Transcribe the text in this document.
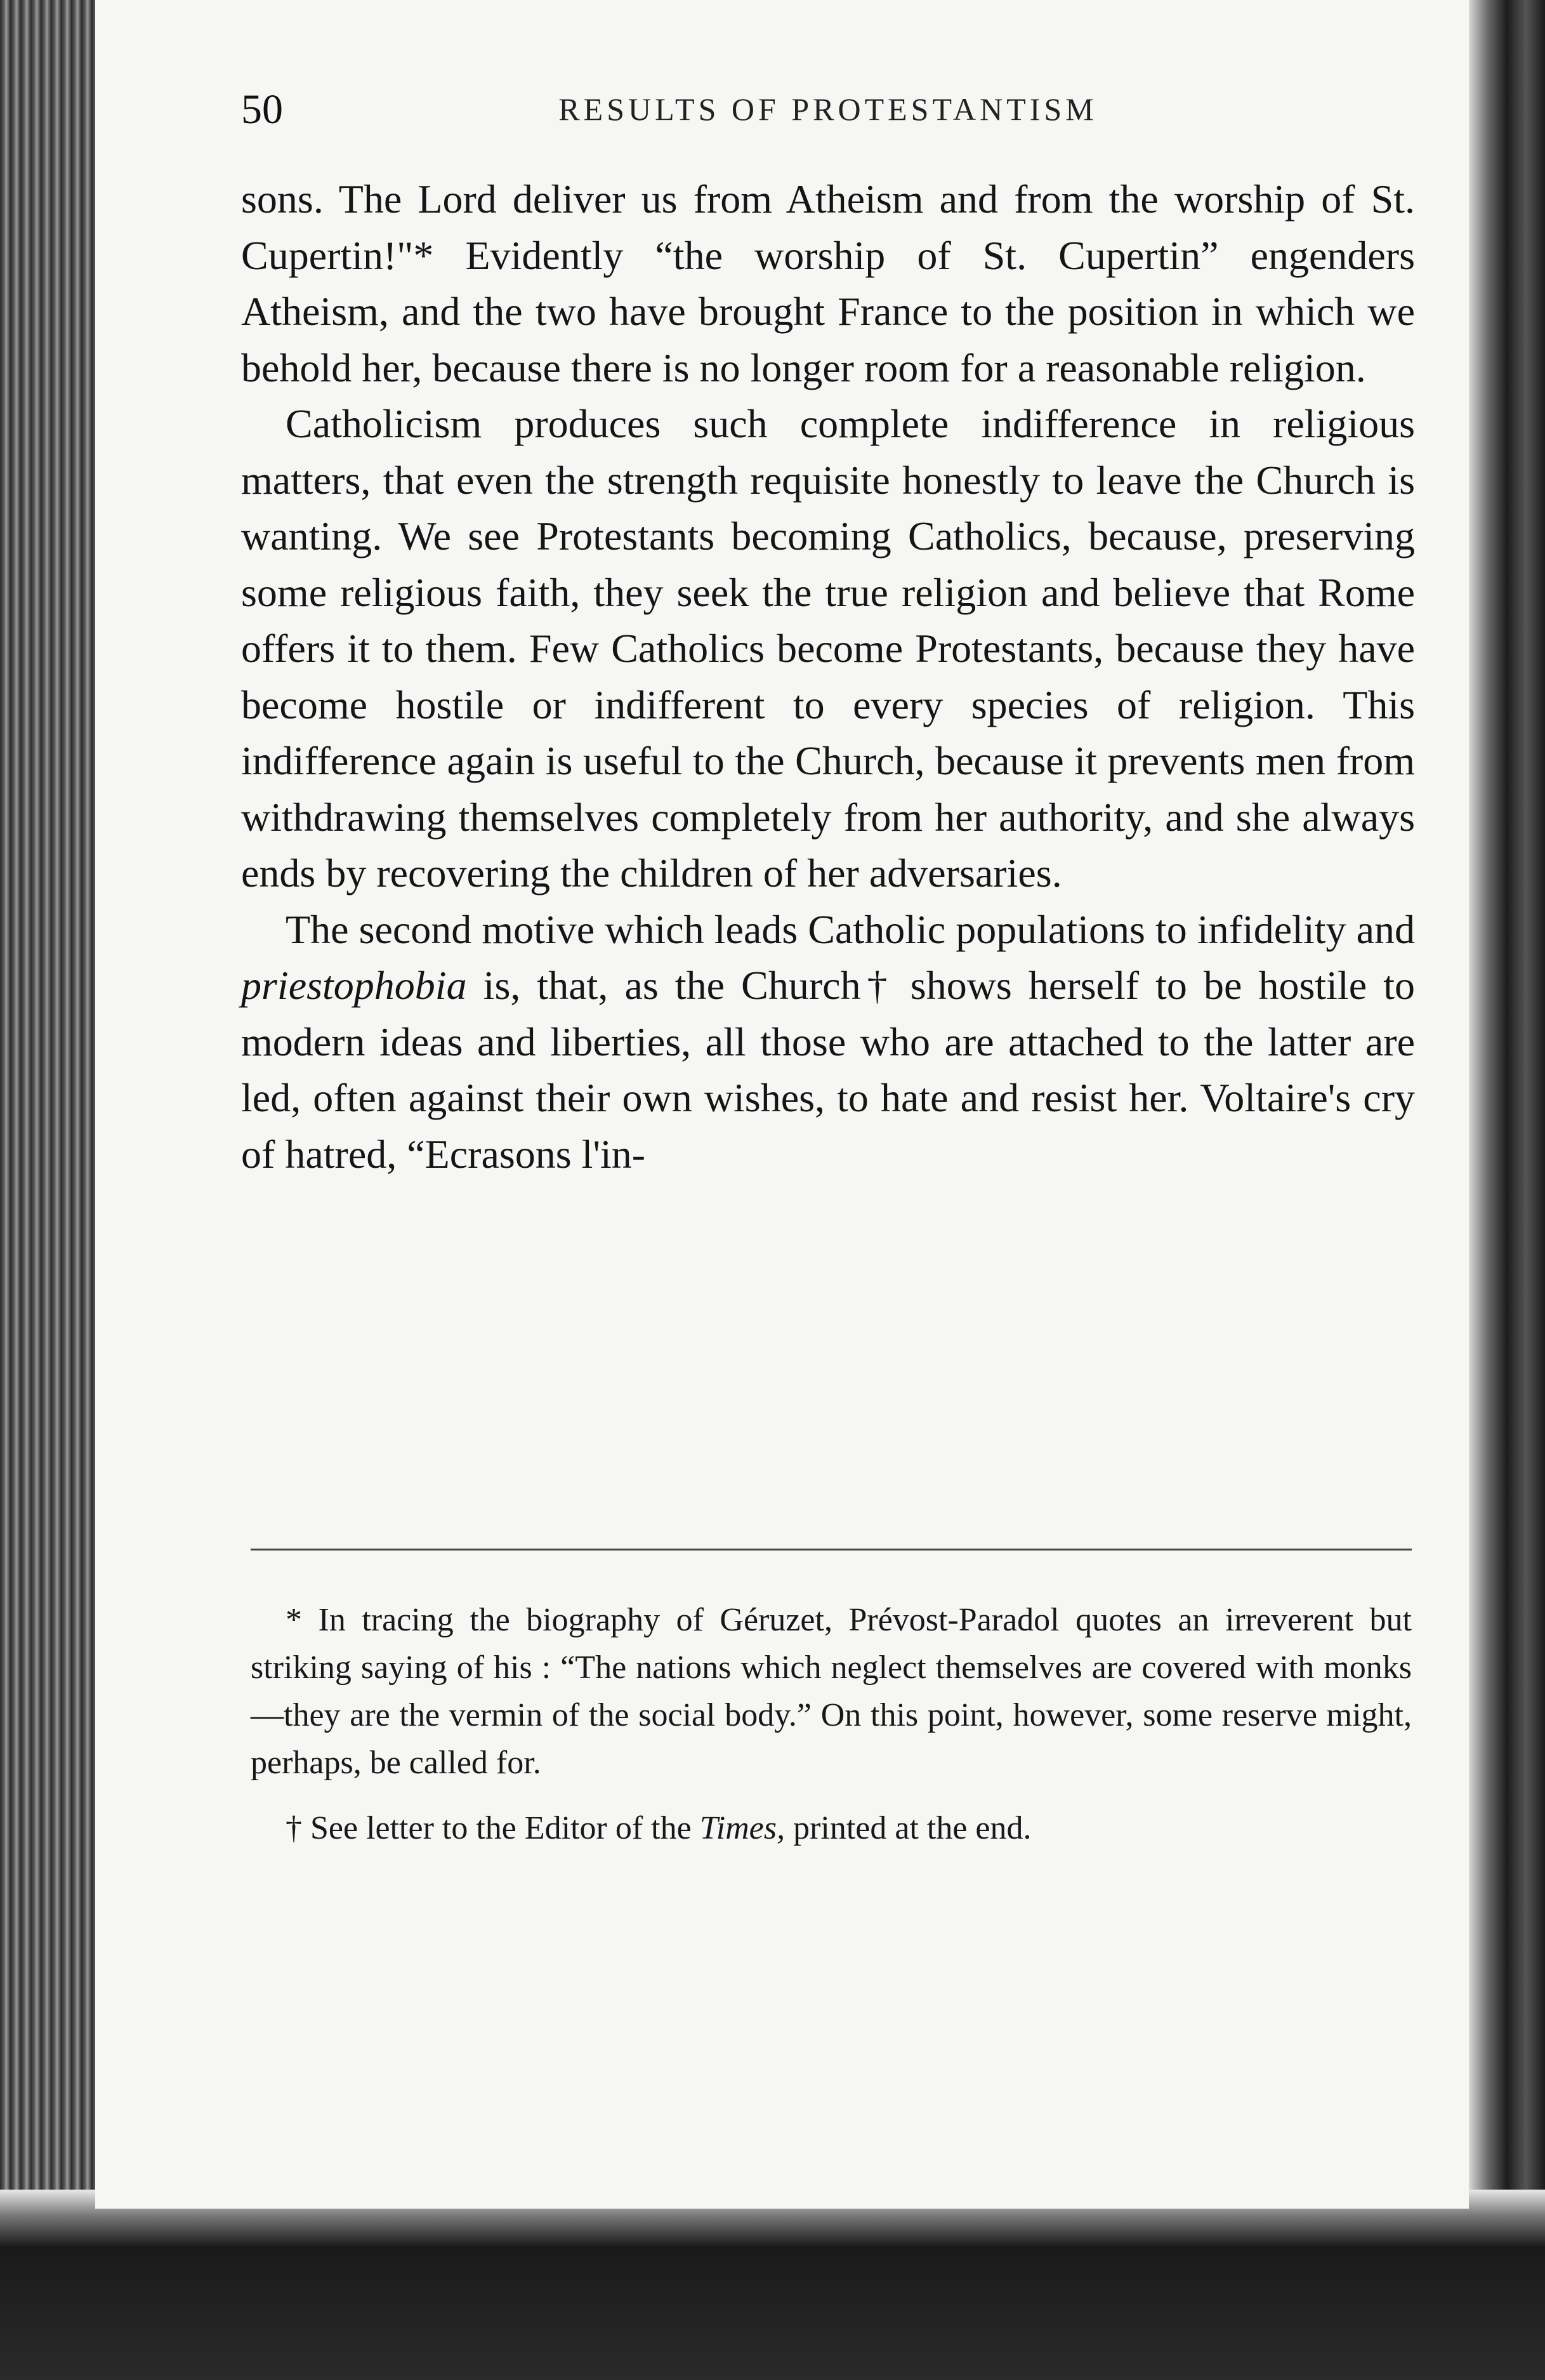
50	RESULTS OF PROTESTANTISM

sons. The Lord deliver us from Atheism and from the worship of St. Cupertin!"* Evidently “the worship of St. Cupertin” engenders Atheism, and the two have brought France to the position in which we behold her, because there is no longer room for a reasonable religion.

Catholicism produces such complete indifference in religious matters, that even the strength requisite honestly to leave the Church is wanting. We see Protestants becoming Catholics, because, preserving some religious faith, they seek the true religion and believe that Rome offers it to them. Few Catholics become Protestants, because they have become hostile or indifferent to every species of religion. This indifference again is useful to the Church, because it prevents men from withdrawing themselves completely from her authority, and she always ends by recovering the children of her adversaries.

The second motive which leads Catholic populations to infidelity and priestophobia is, that, as the Church† shows herself to be hostile to modern ideas and liberties, all those who are attached to the latter are led, often against their own wishes, to hate and resist her. Voltaire's cry of hatred, “Ecrasons l'in-

* In tracing the biography of Géruzet, Prévost-Paradol quotes an irreverent but striking saying of his : “The nations which neglect themselves are covered with monks—they are the vermin of the social body.” On this point, however, some reserve might, perhaps, be called for.

† See letter to the Editor of the Times, printed at the end.
